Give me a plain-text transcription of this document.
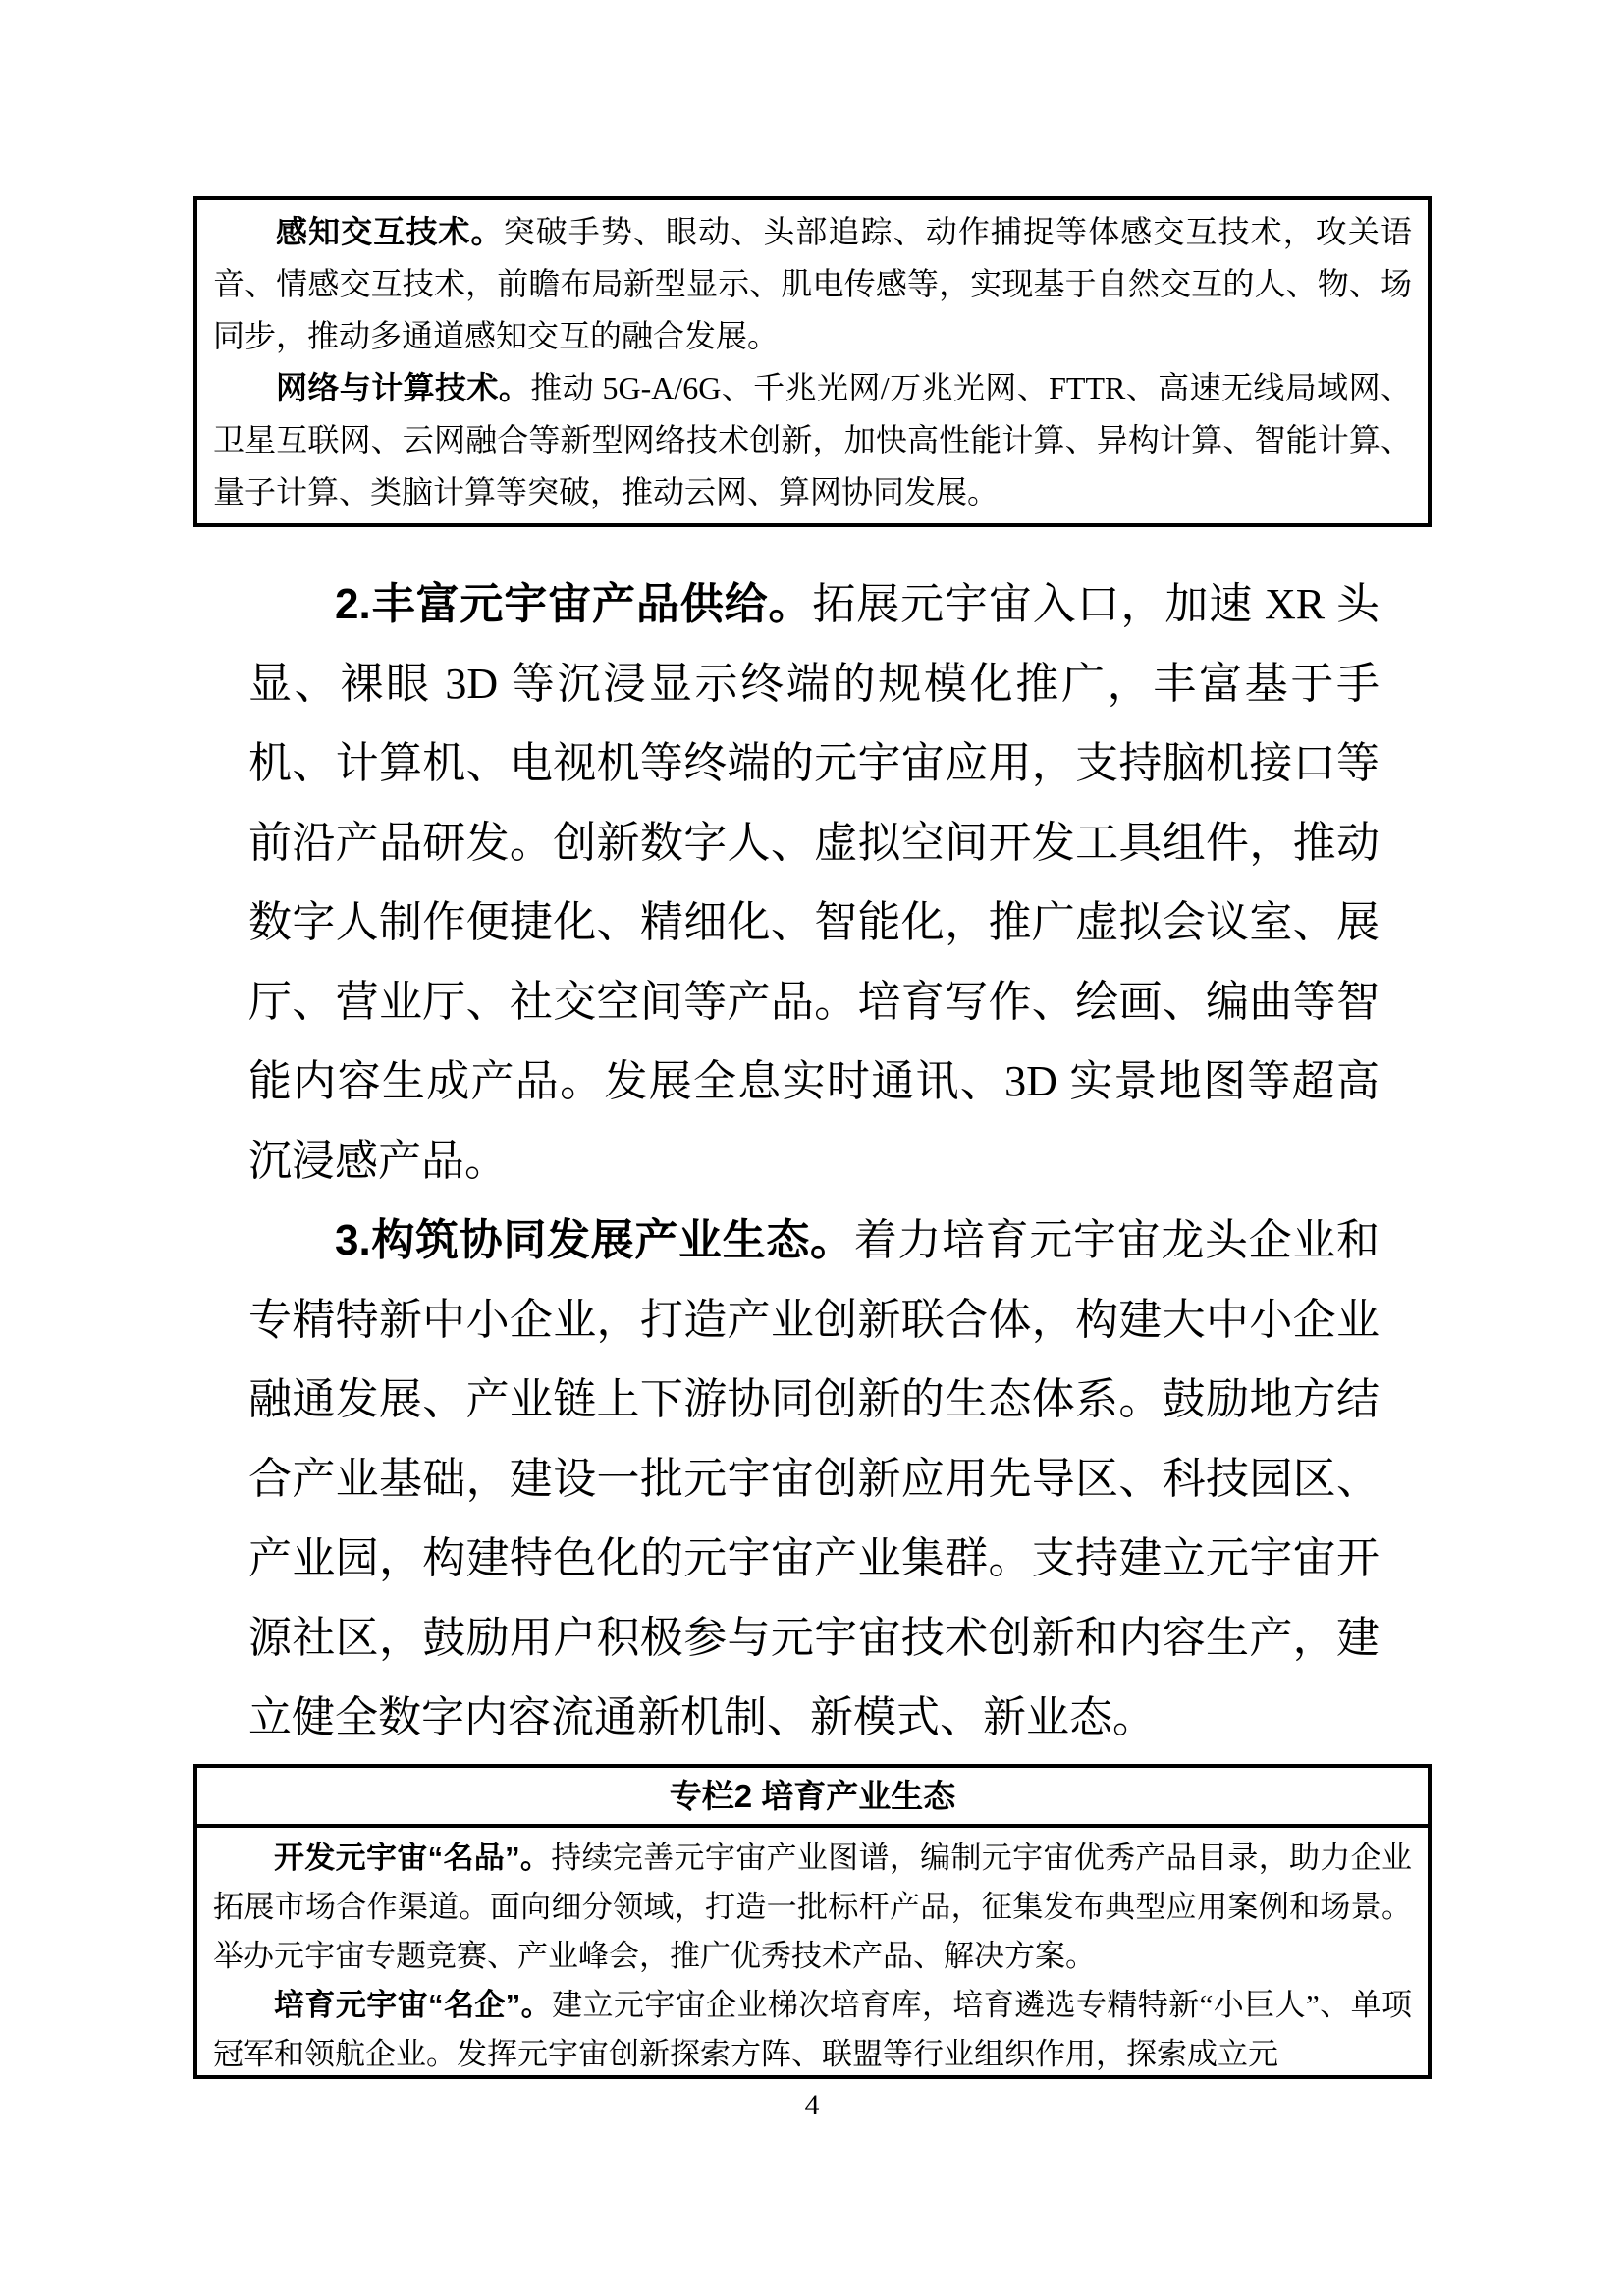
感知交互技术。突破手势、眼动、头部追踪、动作捕捉等体感交互技术，攻关语音、情感交互技术，前瞻布局新型显示、肌电传感等，实现基于自然交互的人、物、场同步，推动多通道感知交互的融合发展。

网络与计算技术。推动 5G-A/6G、千兆光网/万兆光网、FTTR、高速无线局域网、卫星互联网、云网融合等新型网络技术创新，加快高性能计算、异构计算、智能计算、量子计算、类脑计算等突破，推动云网、算网协同发展。

2.丰富元宇宙产品供给。拓展元宇宙入口，加速 XR 头显、裸眼 3D 等沉浸显示终端的规模化推广，丰富基于手机、计算机、电视机等终端的元宇宙应用，支持脑机接口等前沿产品研发。创新数字人、虚拟空间开发工具组件，推动数字人制作便捷化、精细化、智能化，推广虚拟会议室、展厅、营业厅、社交空间等产品。培育写作、绘画、编曲等智能内容生成产品。发展全息实时通讯、3D 实景地图等超高沉浸感产品。

3.构筑协同发展产业生态。着力培育元宇宙龙头企业和专精特新中小企业，打造产业创新联合体，构建大中小企业融通发展、产业链上下游协同创新的生态体系。鼓励地方结合产业基础，建设一批元宇宙创新应用先导区、科技园区、产业园，构建特色化的元宇宙产业集群。支持建立元宇宙开源社区，鼓励用户积极参与元宇宙技术创新和内容生产，建立健全数字内容流通新机制、新模式、新业态。

专栏2 培育产业生态

开发元宇宙“名品”。持续完善元宇宙产业图谱，编制元宇宙优秀产品目录，助力企业拓展市场合作渠道。面向细分领域，打造一批标杆产品，征集发布典型应用案例和场景。举办元宇宙专题竞赛、产业峰会，推广优秀技术产品、解决方案。

培育元宇宙“名企”。建立元宇宙企业梯次培育库，培育遴选专精特新“小巨人”、单项冠军和领航企业。发挥元宇宙创新探索方阵、联盟等行业组织作用，探索成立元

4
